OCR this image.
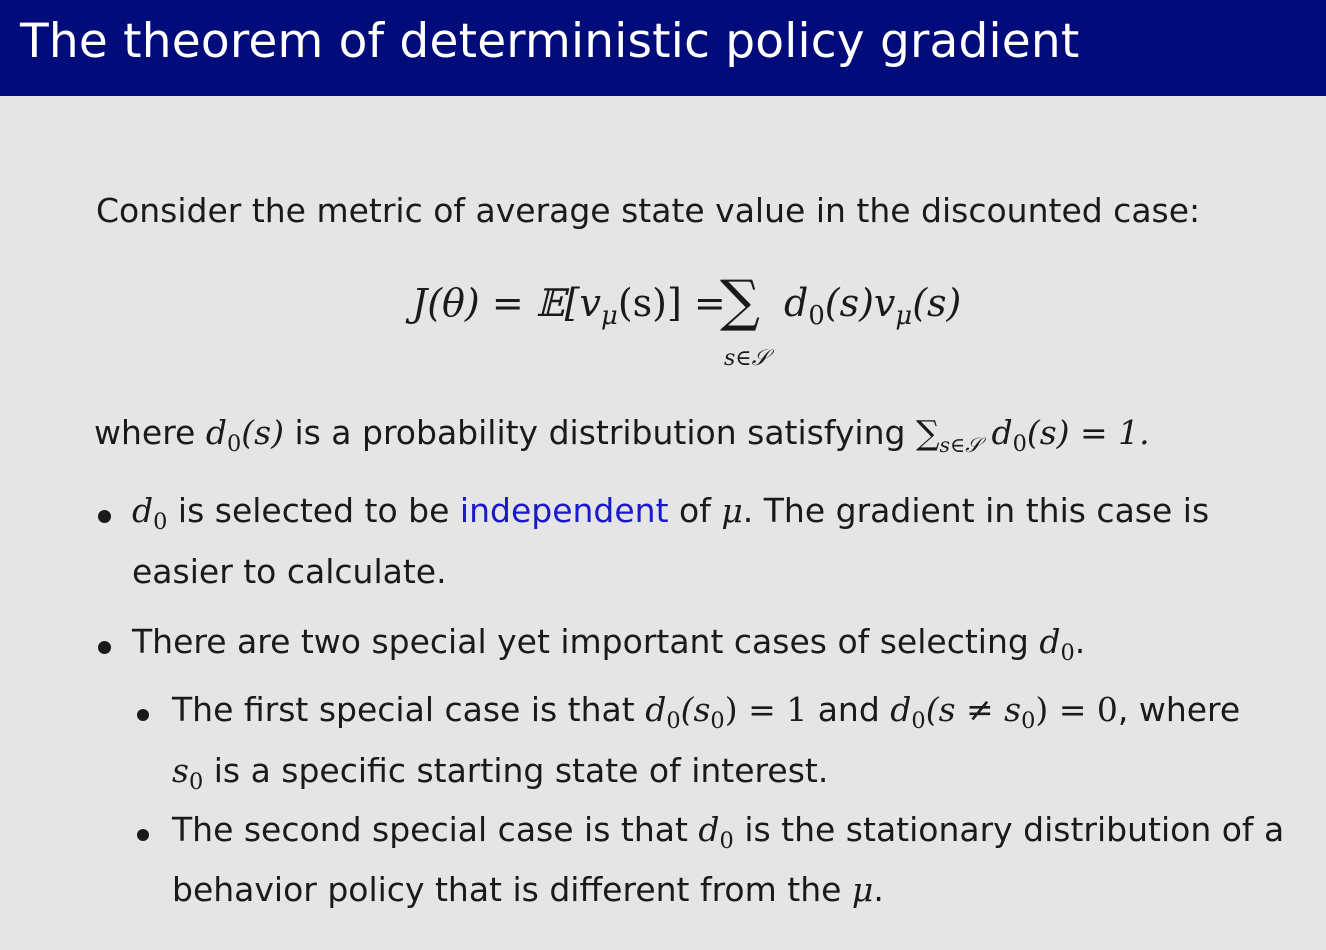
The theorem of deterministic policy gradient
Consider the metric of average state value in the discounted case:
$J(\theta) = 𝔼[v_\mu(s)]$ =
∑
s∈𝒮
$d_0(s)v_\mu(s)$
where $d_0(s)$ is a probability distribution satisfying $\sum_{s\in 𝒮}$ $d_0(s) = 1$.
$d_0$ is selected to be independent of μ. The gradient in this case is
easier to calculate.
There are two special yet important cases of selecting $d_0$.
The first special case is that $d_0(s_0) = 1$ and $d_0(s \ne s_0) = 0$, where
$s_0$ is a specific starting state of interest.
The second special case is that $d_0$ is the stationary distribution of a
behavior policy that is different from the μ.
